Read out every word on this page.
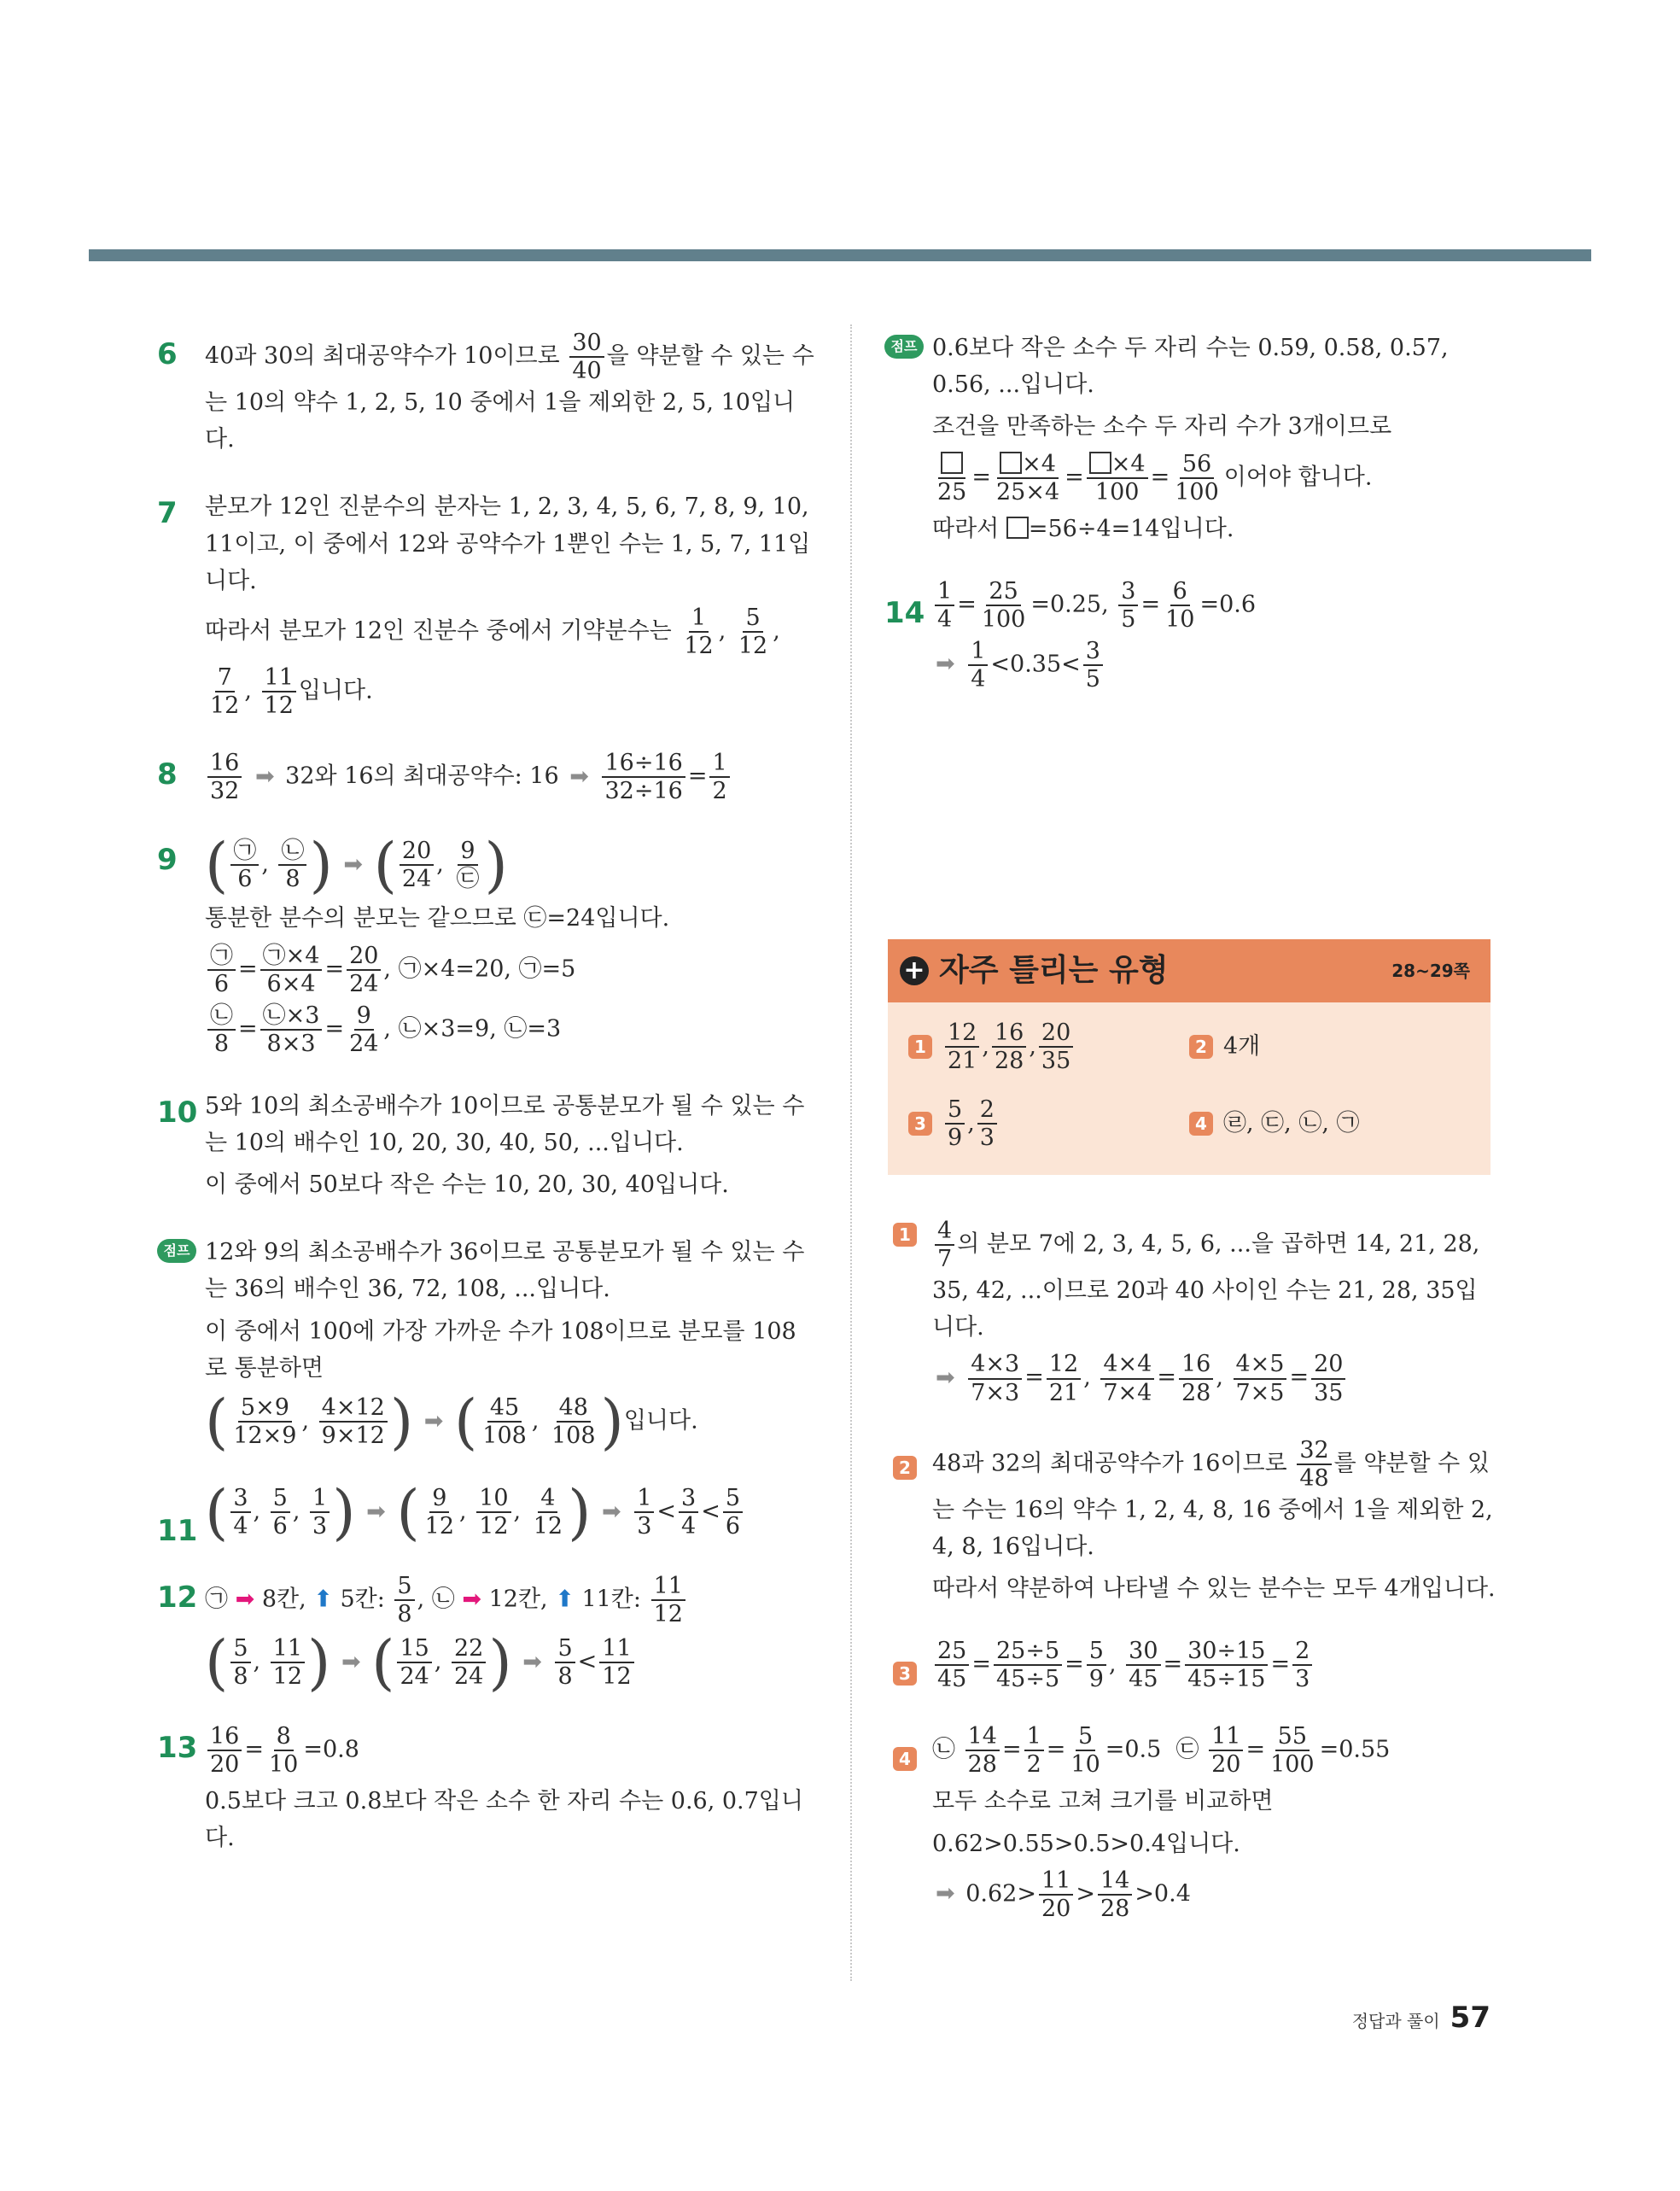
6 40과 30의 최대공약수가 10이므로 $\frac{30}{40}$ 을 약분할 수 있는 수는 10의 약수 1, 2, 5, 10 중에서 1을 제외한 2, 5, 10입니다.
7 분모가 12인 진분수의 분자는 1, 2, 3, 4, 5, 6, 7, 8, 9, 10, 11이고, 이 중에서 12와 공약수가 1뿐인 수는 1, 5, 7, 11입니다.
따라서 분모가 12인 진분수 중에서 기약분수는 $\frac{1}{12}$ , $\frac{5}{12}$ ,
$\frac{7}{12}$ , $\frac{11}{12}$ 입니다.
$8 \frac{16}{32}$ ➡ 32와 16의 최대공약수: 16 ➡ $\frac{16\div 16}{32\div 16} = \frac{1}{2}$
9 ( $\frac{㉠}{6}$ , $\frac{㉡}{8}$ ) ➡ ( $\frac{20}{24}$ , $\frac{9}{㉢}$ )
통분한 분수의 분모는 같으므로 ㉢=24입니다.
$\frac{㉠}{6} = \frac{㉠\times 4}{6\times 4} = \frac{20}{24}$ , ㉠×4=20, ㉠=5
$\frac{㉡}{8} = \frac{㉡\times 3}{8\times 3} = \frac{9}{24}$ , ㉡×3=9, ㉡=3
10 5와 10의 최소공배수가 10이므로 공통분모가 될 수 있는 수는 10의 배수인 10, 20, 30, 40, 50, ...입니다.
이 중에서 50보다 작은 수는 10, 20, 30, 40입니다.
점프 12와 9의 최소공배수가 36이므로 공통분모가 될 수 있는 수는 36의 배수인 36, 72, 108, ...입니다.
이 중에서 100에 가장 가까운 수가 108이므로 분모를 108로 통분하면
( $\frac{5\times 9}{12\times 9}$ , $\frac{4\times 12}{9\times 12}$ ) ➡ ( $\frac{45}{108}$ , $\frac{48}{108}$ )입니다.
11 ( $\frac{3}{4}$ , $\frac{5}{6}$ , $\frac{1}{3}$ ) ➡ ( $\frac{9}{12}$ , $\frac{10}{12}$ , $\frac{4}{12}$ ) ➡ $\frac{1}{3} < \frac{3}{4} < \frac{5}{6}$
12 ㉠ ➡ 8칸, ⬆ 5칸: $\frac{5}{8}$ , ㉡ ➡ 12칸, ⬆ 11칸: $\frac{11}{12}$
( $\frac{5}{8}$ , $\frac{11}{12}$ ) ➡ ( $\frac{15}{24}$ , $\frac{22}{24}$ ) ➡ $\frac{5}{8} < \frac{11}{12}$
$13 \frac{16}{20} = \frac{8}{10} =0.8$
0.5보다 크고 0.8보다 작은 소수 한 자리 수는 0.6, 0.7입니다.
점프 0.6보다 작은 소수 두 자리 수는 0.59, 0.58, 0.57, 0.56, ...입니다.
조건을 만족하는 소수 두 자리 수가 3개이므로
25
= $\frac{\times 4}{25\times 4} = \frac{\times 4}{100} = \frac{56}{100}$ 이어야 합니다.
따라서 =56÷4=14입니다.
$14 \frac{1}{4} = \frac{25}{100} =0.25$, $\frac{3}{5} = \frac{6}{10} =0.6$
➡ $\frac{1}{4} <0.35< \frac{3}{5}$
+ 자주 틀리는 유형	28~29쪽
$1 \frac{12}{21}$ , $\frac{16}{28}$ , $\frac{20}{35}$	2 4개
$3 \frac{5}{9}$ , $\frac{2}{3}$	4 ㉣, ㉢, ㉡, ㉠
$1 \frac{4}{7}$ 의 분모 7에 2, 3, 4, 5, 6, ...을 곱하면 14, 21, 28, 35, 42, ...이므로 20과 40 사이인 수는 21, 28, 35입니다.
➡ $\frac{4\times 3}{7\times 3} = \frac{12}{21}$ , $\frac{4\times 4}{7\times 4} = \frac{16}{28}$ , $\frac{4\times 5}{7\times 5} = \frac{20}{35}$
2 48과 32의 최대공약수가 16이므로 $\frac{32}{48}$ 를 약분할 수 있는 수는 16의 약수 1, 2, 4, 8, 16 중에서 1을 제외한 2, 4, 8, 16입니다.
따라서 약분하여 나타낼 수 있는 분수는 모두 4개입니다.
$3 \frac{25}{45} = \frac{25\div 5}{45\div 5} = \frac{5}{9}$ , $\frac{30}{45} = \frac{30\div 15}{45\div 15} = \frac{2}{3}$
4 ㉡ $\frac{14}{28} = \frac{1}{2} = \frac{5}{10} =0.5$ ㉢ $\frac{11}{20} = \frac{55}{100} =0.55$
모두 소수로 고쳐 크기를 비교하면
0.62>0.55>0.5>0.4입니다.
➡ $0.62> \frac{11}{20} > \frac{14}{28} >0.4$
정답과 풀이 57
